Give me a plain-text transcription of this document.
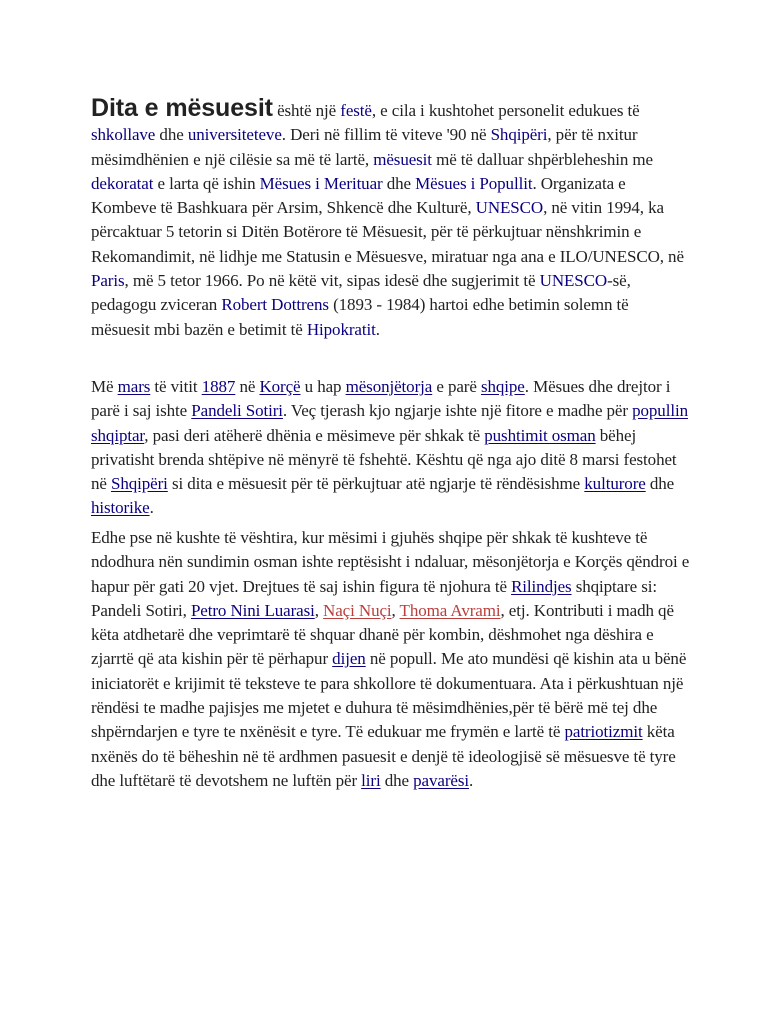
Dita e mësuesit është një festë, e cila i kushtohet personelit edukues të shkollave dhe universiteteve. Deri në fillim të viteve '90 në Shqipëri, për të nxitur mësimdhënien e një cilësie sa më të lartë, mësuesit më të dalluar shpërbleheshin me dekoratat e larta që ishin Mësues i Merituar dhe Mësues i Popullit. Organizata e Kombeve të Bashkuara për Arsim, Shkencë dhe Kulturë, UNESCO, në vitin 1994, ka përcaktuar 5 tetorin si Ditën Botërore të Mësuesit, për të përkujtuar nënshkrimin e Rekomandimit, në lidhje me Statusin e Mësuesve, miratuar nga ana e ILO/UNESCO, në Paris, më 5 tetor 1966. Po në këtë vit, sipas idesë dhe sugjerimit të UNESCO-së, pedagogu zviceran Robert Dottrens (1893 - 1984) hartoi edhe betimin solemn të mësuesit mbi bazën e betimit të Hipokratit.

Më mars të vitit 1887 në Korçë u hap mësonjëtorja e parë shqipe. Mësues dhe drejtor i parë i saj ishte Pandeli Sotiri. Veç tjerash kjo ngjarje ishte një fitore e madhe për popullin shqiptar, pasi deri atëherë dhënia e mësimeve për shkak të pushtimit osman bëhej privatisht brenda shtëpive në mënyrë të fshehtë. Kështu që nga ajo ditë 8 marsi festohet në Shqipëri si dita e mësuesit për të përkujtuar atë ngjarje të rëndësishme kulturore dhe historike.

Edhe pse në kushte të vështira, kur mësimi i gjuhës shqipe për shkak të kushteve të ndodhura nën sundimin osman ishte reptësisht i ndaluar, mësonjëtorja e Korçës qëndroi e hapur për gati 20 vjet. Drejtues të saj ishin figura të njohura të Rilindjes shqiptare si: Pandeli Sotiri, Petro Nini Luarasi, Naçi Nuçi, Thoma Avrami, etj. Kontributi i madh që këta atdhetarë dhe veprimtarë të shquar dhanë për kombin, dëshmohet nga dëshira e zjarrtë që ata kishin për të përhapur dijen në popull. Me ato mundësi që kishin ata u bënë iniciatorët e krijimit të teksteve te para shkollore të dokumentuara. Ata i përkushtuan një rëndësi te madhe pajisjes me mjetet e duhura të mësimdhënies,për të bërë më tej dhe shpërndarjen e tyre te nxënësit e tyre. Të edukuar me frymën e lartë të patriotizmit këta nxënës do të bëheshin në të ardhmen pasuesit e denjë të ideologjisë së mësuesve të tyre dhe luftëtarë të devotshem ne luftën për liri dhe pavarësi.
